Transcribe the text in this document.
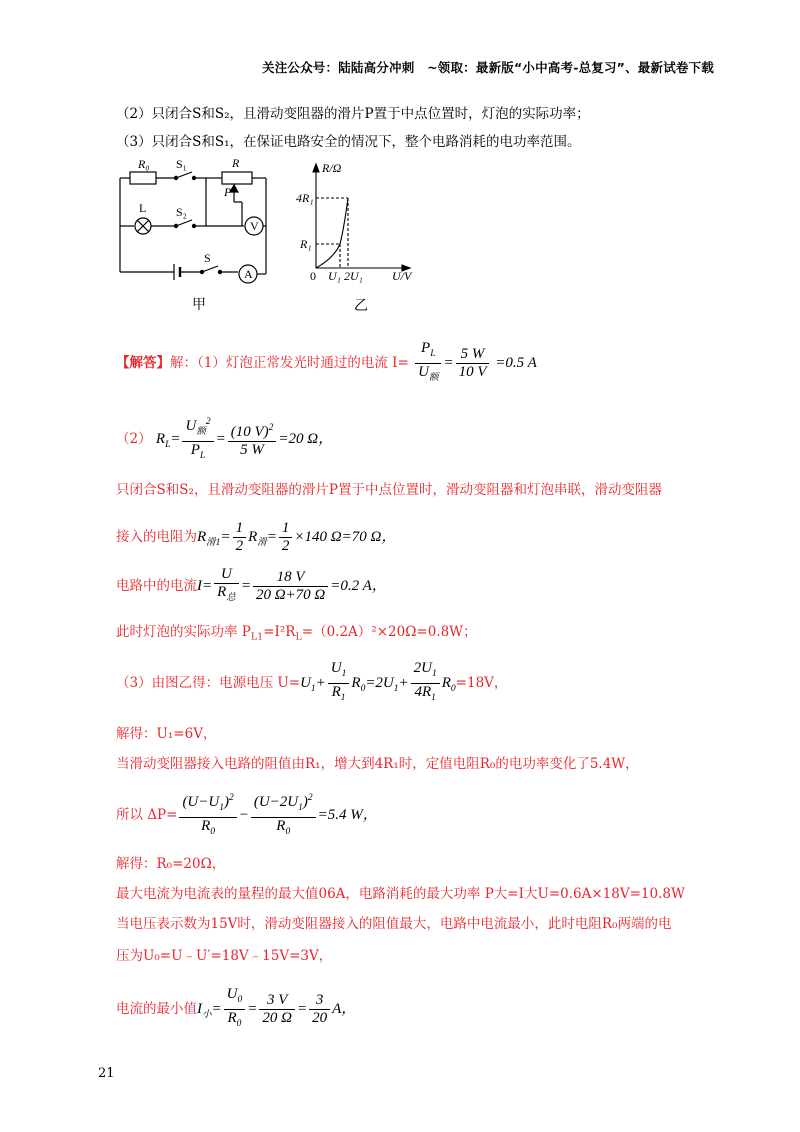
关注公众号：陆陆高分冲刺　~领取：最新版“小中高考-总复习”、最新试卷下载
（2）只闭合S和S₂，且滑动变阻器的滑片P置于中点位置时，灯泡的实际功率；
（3）只闭合S和S₁，在保证电路安全的情况下，整个电路消耗的电功率范围。
R₀ S₁	R
P
L S₂
V
S
A
甲
R/Ω
4R₁
R₁
0 U₁ 2U₁ U/V
乙
【解答】解：（1）灯泡正常发光时通过的电流 $I= \frac{P_L}{U_额} = \frac{5 W}{10 V} =0.5$ A
（2） $R_L= \frac{U_额^2}{P_L} = \frac{(10 V)^2}{5 W} =20$ Ω，
只闭合S和S₂，且滑动变阻器的滑片P置于中点位置时，滑动变阻器和灯泡串联，滑动变阻器
接入的电阻为$R_{滑1}= \frac{1}{2} R_滑= \frac{1}{2} \times 140$ Ω=70 Ω，
电路中的电流$I= \frac{U}{R_总} = \frac{18 V}{20 \Omega+70 \Omega} =0.2$ A，
此时灯泡的实际功率 $P_{L1}=I^2R_L=(0.2A)^2\times 20\Omega=0.8W$；
（3）由图乙得：电源电压 $U=U_1+ \frac{U_1}{R_1} R_0=2U_1+ \frac{2U_1}{4R_1} R_0=18V$，
解得：U₁=6V，
当滑动变阻器接入电路的阻值由R₁，增大到4R₁时，定值电阻R₀的电功率变化了5.4W，
所以 $\Delta P= \frac{(U-U_1)^2}{R_0} - \frac{(U-2U_1)^2}{R_0} =5.4$ W，
解得：R₀=20Ω，
最大电流为电流表的量程的最大值06A，电路消耗的最大功率 P大=I大U=0.6A×18V=10.8W
当电压表示数为15V时，滑动变阻器接入的阻值最大，电路中电流最小，此时电阻R₀两端的电
压为U₀=U﹣U′=18V﹣15V=3V，
电流的最小值$I_小= \frac{U_0}{R_0} = \frac{3 V}{20 \Omega} = \frac{3}{20}$ A，
21
